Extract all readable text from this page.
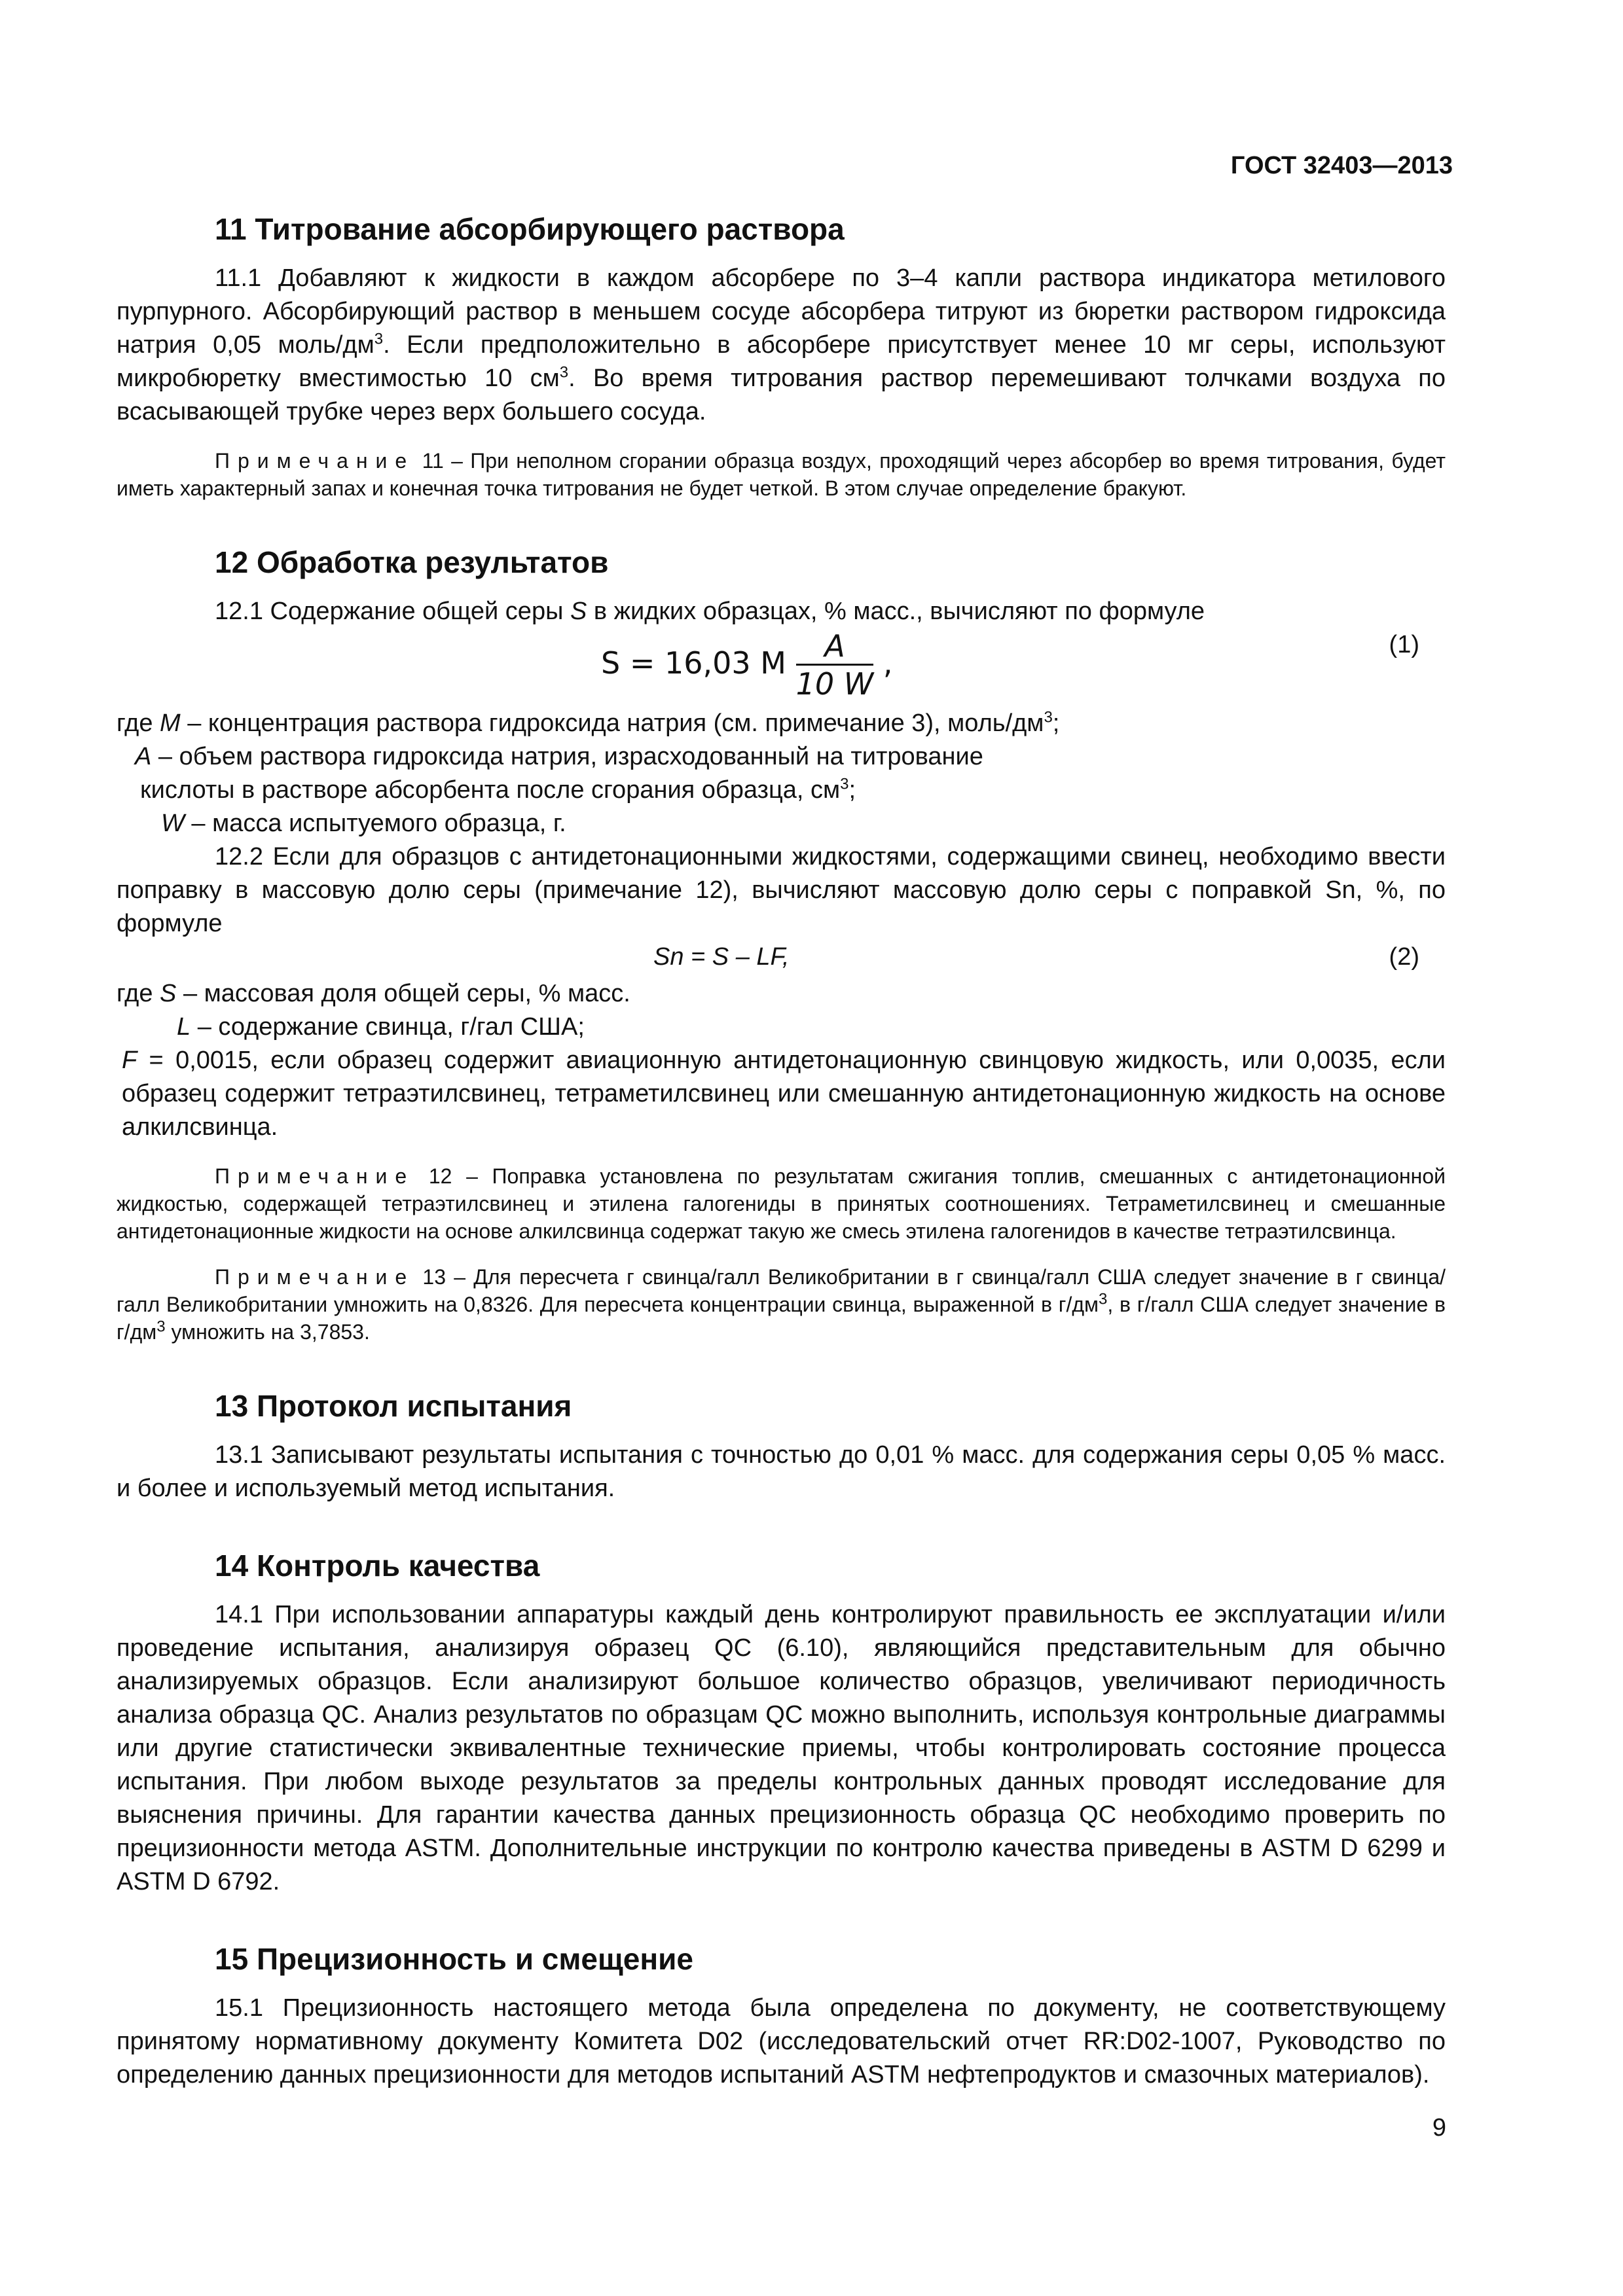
ГОСТ 32403—2013
11 Титрование абсорбирующего раствора

11.1 Добавляют к жидкости в каждом абсорбере по 3–4 капли раствора индикатора метилового пурпурного. Абсорбирующий раствор в меньшем сосуде абсорбера титруют из бюретки раствором гидроксида натрия 0,05 моль/$дм^3$. Если предположительно в абсорбере присутствует менее 10 мг серы, используют микробюретку вместимостью 10 $см^3$. Во время титрования раствор перемешивают толчками воздуха по всасывающей трубке через верх большего сосуда.

Примечание 11 – При неполном сгорании образца воздух, проходящий через абсорбер во время титрования, будет иметь характерный запах и конечная точка титрования не будет четкой. В этом случае определение бракуют.

12 Обработка результатов

12.1 Содержание общей серы S в жидких образцах, % масс., вычисляют по формуле

S = 16,03 M $\frac{A}{10 W}$ ,
(1)

где M – концентрация раствора гидроксида натрия (см. примечание 3), моль/$дм^3$;

A – объем раствора гидроксида натрия, израсходованный на титрование

кислоты в растворе абсорбента после сгорания образца, $см^3$;

W – масса испытуемого образца, г.

12.2 Если для образцов с антидетонационными жидкостями, содержащими свинец, необходимо ввести поправку в массовую долю серы (примечание 12), вычисляют массовую долю серы с поправкой Sn, %, по формуле

Sn = S – LF,	(2)

где S – массовая доля общей серы, % масс.

L – содержание свинца, г/гал США;

F = 0,0015, если образец содержит авиационную антидетонационную свинцовую жидкость, или 0,0035, если образец содержит тетраэтилсвинец, тетраметилсвинец или смешанную антидетонационную жидкость на основе алкилсвинца.

Примечание 12 – Поправка установлена по результатам сжигания топлив, смешанных с антидетонационной жидкостью, содержащей тетраэтилсвинец и этилена галогениды в принятых соотношениях. Тетраметилсвинец и смешанные антидетонационные жидкости на основе алкилсвинца содержат такую же смесь этилена галогенидов в качестве тетраэтилсвинца.

Примечание 13 – Для пересчета г свинца/галл Великобритании в г свинца/галл США следует значение в г свинца/галл Великобритании умножить на 0,8326. Для пересчета концентрации свинца, выраженной в $г/дм^3$, в г/галл США следует значение в $г/дм^3$ умножить на 3,7853.

13 Протокол испытания

13.1 Записывают результаты испытания с точностью до 0,01 % масс. для содержания серы 0,05 % масс. и более и используемый метод испытания.

14 Контроль качества

14.1 При использовании аппаратуры каждый день контролируют правильность ее эксплуатации и/или проведение испытания, анализируя образец QC (6.10), являющийся представительным для обычно анализируемых образцов. Если анализируют большое количество образцов, увеличивают периодичность анализа образца QC. Анализ результатов по образцам QC можно выполнить, используя контрольные диаграммы или другие статистически эквивалентные технические приемы, чтобы контролировать состояние процесса испытания. При любом выходе результатов за пределы контрольных данных проводят исследование для выяснения причины. Для гарантии качества данных прецизионность образца QC необходимо проверить по прецизионности метода ASTM. Дополнительные инструкции по контролю качества приведены в ASTM D 6299 и ASTM D 6792.

15 Прецизионность и смещение

15.1 Прецизионность настоящего метода была определена по документу, не соответствующему принятому нормативному документу Комитета D02 (исследовательский отчет RR:D02-1007, Руководство по определению данных прецизионности для методов испытаний ASTM нефтепродуктов и смазочных материалов).

9
